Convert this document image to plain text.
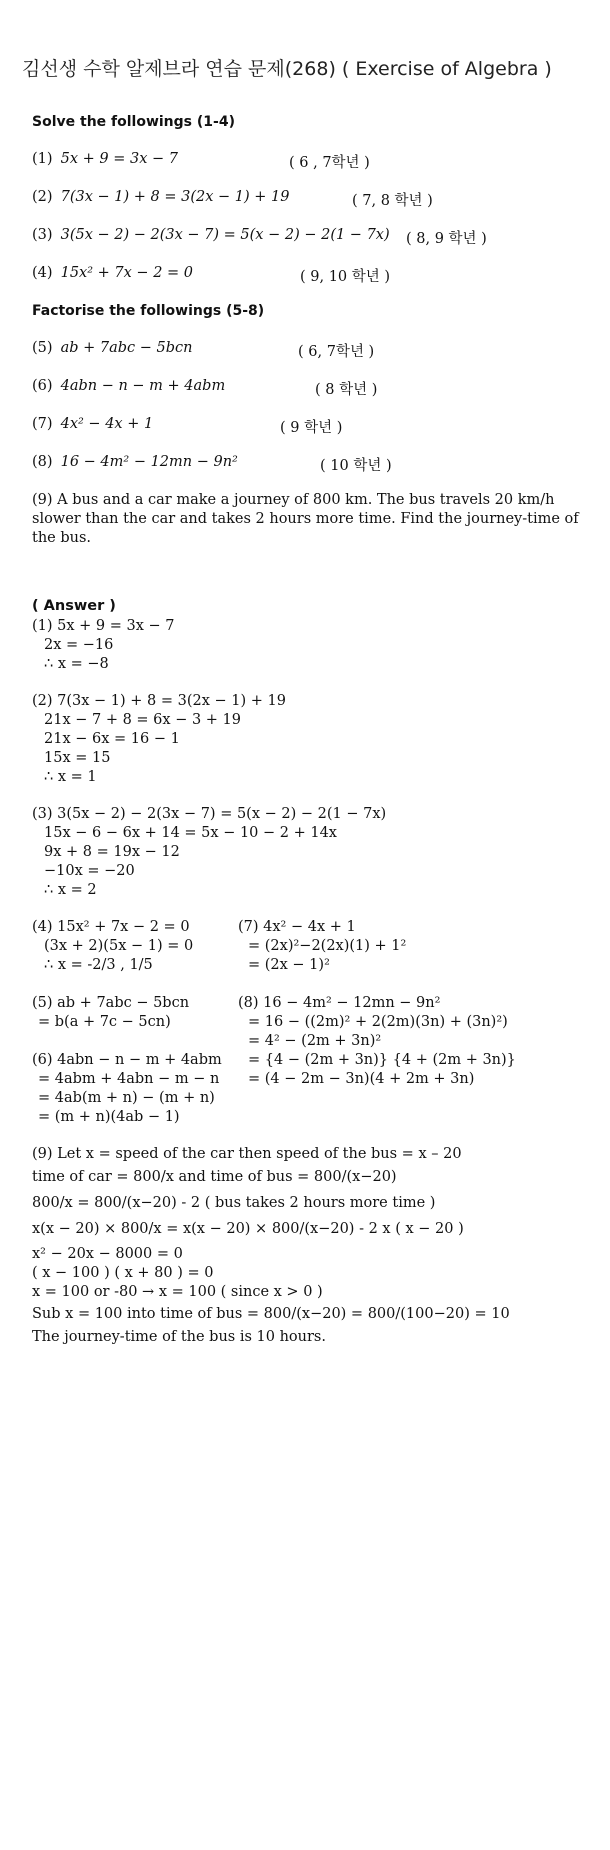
김선생 수학 알제브라 연습 문제(268) ( Exercise of Algebra )
Solve the followings (1-4)
(1) 5x + 9 = 3x − 7	( 6 , 7학년 )
(2) 7(3x − 1) + 8 = 3(2x − 1) + 19	( 7, 8 학년 )
(3) 3(5x − 2) − 2(3x − 7) = 5(x − 2) − 2(1 − 7x) ( 8, 9 학년 )
(4) 15x² + 7x − 2 = 0	( 9, 10 학년 )
Factorise the followings (5-8)
(5) ab + 7abc − 5bcn	( 6, 7학년 )
(6) 4abn − n − m + 4abm	( 8 학년 )
(7) 4x² − 4x + 1	( 9 학년 )
(8) 16 − 4m² − 12mn − 9n²	( 10 학년 )
(9) A bus and a car make a journey of 800 km. The bus travels 20 km/h slower than the car and takes 2 hours more time. Find the journey-time of the bus.
( Answer )
(1) 5x + 9 = 3x − 7
2x = −16
∴ x = −8
(2) 7(3x − 1) + 8 = 3(2x − 1) + 19
21x − 7 + 8 = 6x − 3 + 19
21x − 6x = 16 − 1
15x = 15
∴ x = 1
(3) 3(5x − 2) − 2(3x − 7) = 5(x − 2) − 2(1 − 7x)
15x − 6 − 6x + 14 = 5x − 10 − 2 + 14x
9x + 8 = 19x − 12
−10x = −20
∴ x = 2
(4) 15x² + 7x − 2 = 0
(3x + 2)(5x − 1) = 0
∴ x = -2/3 , 1/5
(7) 4x² − 4x + 1
= (2x)²−2(2x)(1) + 1²
= (2x − 1)²
(5) ab + 7abc − 5bcn
= b(a + 7c − 5cn)
(8) 16 − 4m² − 12mn − 9n²
= 16 − ((2m)² + 2(2m)(3n) + (3n)²)
= 4² − (2m + 3n)²
= {4 − (2m + 3n)} {4 + (2m + 3n)}
= (4 − 2m − 3n)(4 + 2m + 3n)
(6) 4abn − n − m + 4abm
= 4abm + 4abn − m − n
= 4ab(m + n) − (m + n)
= (m + n)(4ab − 1)
(9) Let x = speed of the car then speed of the bus = x – 20
time of car = 800/x and time of bus = 800/(x−20)
800/x = 800/(x−20) - 2 ( bus takes 2 hours more time )
x(x − 20) × 800/x = x(x − 20) × 800/(x−20) - 2 x ( x − 20 )
x² − 20x − 8000 = 0
( x − 100 ) ( x + 80 ) = 0
x = 100 or -80 → x = 100 ( since x > 0 )
Sub x = 100 into time of bus = 800/(x−20) = 800/(100−20) = 10
The journey-time of the bus is 10 hours.
